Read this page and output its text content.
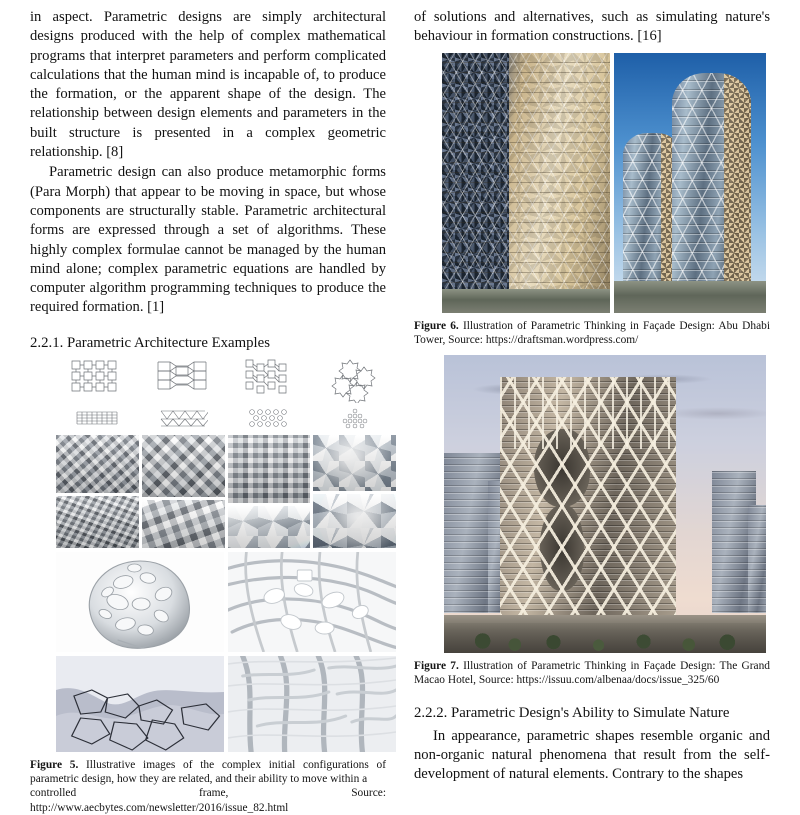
in aspect. Parametric designs are simply architectural designs produced with the help of complex mathematical programs that interpret parameters and perform complicated calculations that the human mind is incapable of, to produce the formation, or the apparent shape of the design. The relationship between design elements and parameters in the built structure is presented in a complex geometric relationship. [8]

Parametric design can also produce metamorphic forms (Para Morph) that appear to be moving in space, but whose components are structurally stable. Parametric architectural forms are expressed through a set of algorithms. These highly complex formulae cannot be managed by the human mind alone; complex parametric equations are handled by computer algorithm programming techniques to produce the required formation. [1]

2.2.1. Parametric Architecture Examples
Figure 5. Illustrative images of the complex initial configurations of parametric design, how they are related, and their ability to move within a
controlled	frame,	Source:
http://www.aecbytes.com/newsletter/2016/issue_82.html

of solutions and alternatives, such as simulating nature's behaviour in formation constructions. [16]

Figure 6. Illustration of Parametric Thinking in Façade Design: Abu Dhabi Tower, Source: https://draftsman.wordpress.com/
Figure 7. Illustration of Parametric Thinking in Façade Design: The Grand Macao Hotel, Source: https://issuu.com/albenaa/docs/issue_325/60
2.2.2. Parametric Design's Ability to Simulate Nature

In appearance, parametric shapes resemble organic and non-organic natural phenomena that result from the self-development of natural elements. Contrary to the shapes
